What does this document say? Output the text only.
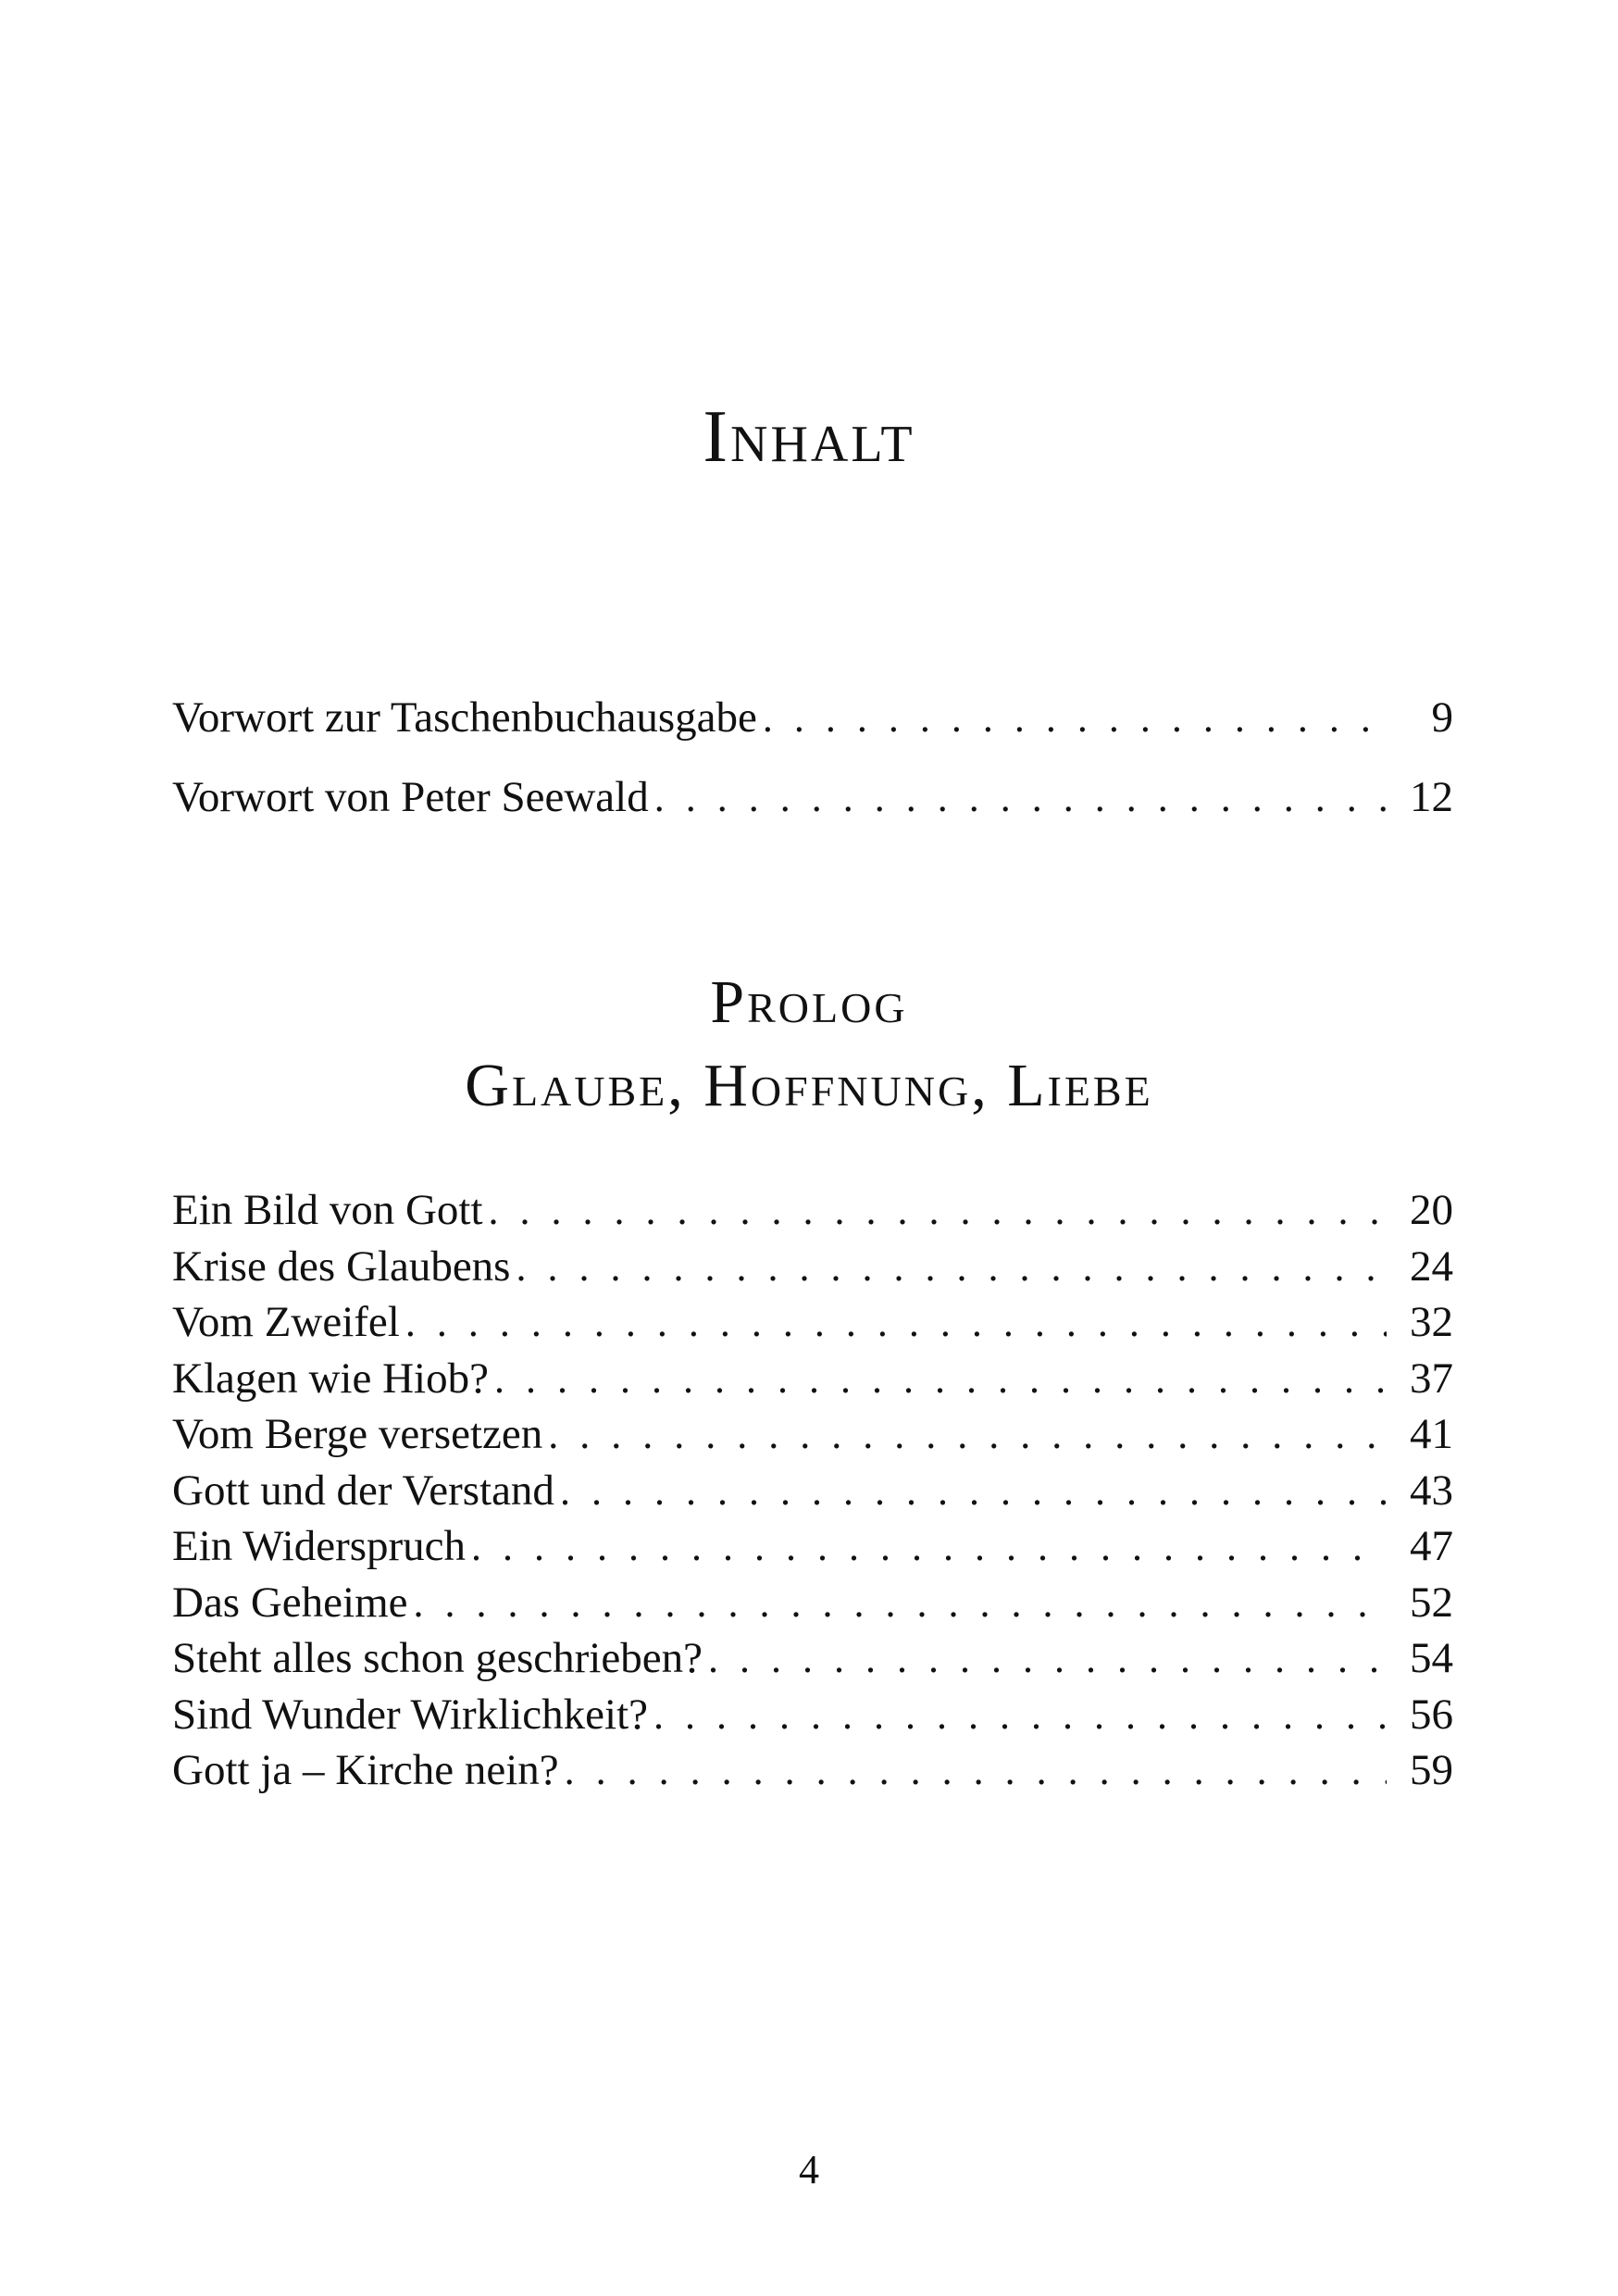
Inhalt
Vorwort zur Taschenbuchausgabe . . .	9
Vorwort von Peter Seewald . . .	12
Prolog
Glaube, Hoffnung, Liebe
Ein Bild von Gott . . .	20
Krise des Glaubens . . .	24
Vom Zweifel . . .	32
Klagen wie Hiob? . . .	37
Vom Berge versetzen . . .	41
Gott und der Verstand . . .	43
Ein Widerspruch . . .	47
Das Geheime . . .	52
Steht alles schon geschrieben? . . .	54
Sind Wunder Wirklichkeit? . . .	56
Gott ja – Kirche nein? . . .	59
4
